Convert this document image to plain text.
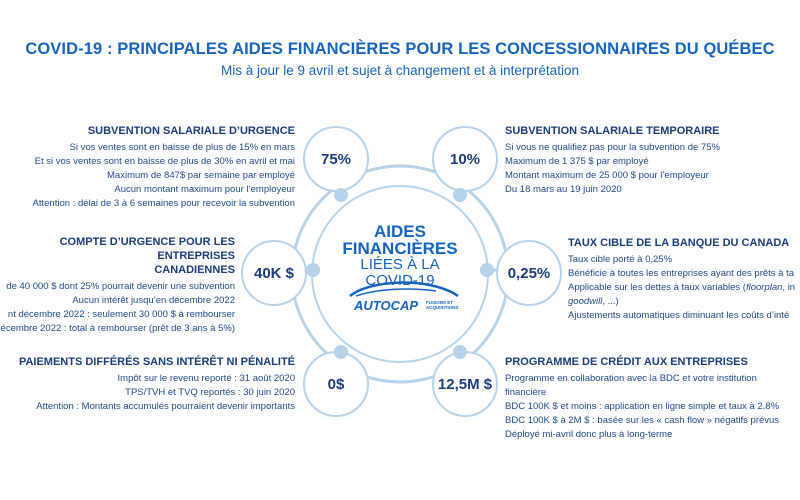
COVID-19 : PRINCIPALES AIDES FINANCIÈRES POUR LES CONCESSIONNAIRES DU QUÉBEC
Mis à jour le 9 avril et sujet à changement et à interprétation
AIDES
FINANCIÈRES
LIÉES À LA
COVID-19
AUTOCAP FUSIONS ET
ACQUISITIONS
75%	10%
40K $	0,25%
0$	12,5M $
SUBVENTION SALARIALE D’URGENCE
Si vos ventes sont en baisse de plus de 15% en mars
Et si vos ventes sont en baisse de plus de 30% en avril et mai
Maximum de 847$ par semaine par employé
Aucun montant maximum pour l’employeur
Attention : délai de 3 à 6 semaines pour recevoir la subvention
COMPTE D’URGENCE POUR LES ENTREPRISES
CANADIENNES
de 40 000 $ dont 25% pourrait devenir une subvention
Aucun intérêt jusqu’en décembre 2022
nt décembre 2022 : seulement 30 000 $ à rembourser
écembre 2022 : total à rembourser (prêt de 3 ans à 5%)
PAIEMENTS DIFFÉRÉS SANS INTÉRÊT NI PÉNALITÉ
Impôt sur le revenu reporté : 31 août 2020
TPS/TVH et TVQ reportés : 30 juin 2020
Attention : Montants accumulés pourraient devenir importants
SUBVENTION SALARIALE TEMPORAIRE
Si vous ne qualifiez pas pour la subvention de 75%
Maximum de 1 375 $ par employé
Montant maximum de 25 000 $ pour l’employeur
Du 18 mars au 19 juin 2020
TAUX CIBLE DE LA BANQUE DU CANADA
Taux cible porté à 0,25%
Bénéficie à toutes les entreprises ayant des prêts à ta
Applicable sur les dettes à taux variables (floorplan, in
goodwill, ...)
Ajustements automatiques diminuant les coûts d’inté
PROGRAMME DE CRÉDIT AUX ENTREPRISES
Programme en collaboration avec la BDC et votre institution
financière
BDC 100K $ et moins : application en ligne simple et taux à 2.8%
BDC 100K $ à 2M $ : basée sur les « cash flow » négatifs prévus
Déployé mi-avril donc plus à long-terme
